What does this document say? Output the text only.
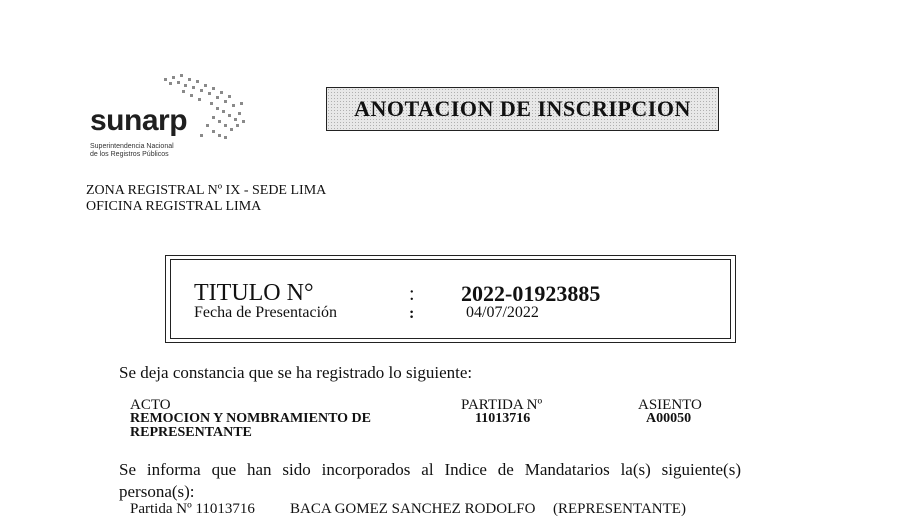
sunarp
Superintendencia Nacional
de los Registros Públicos
ANOTACION DE INSCRIPCION
ZONA REGISTRAL Nº IX - SEDE LIMA
OFICINA REGISTRAL LIMA
TITULO N°	: 2022-01923885
Fecha de Presentación	:	04/07/2022
Se deja constancia que se ha registrado lo siguiente:
ACTO	PARTIDA Nº	ASIENTO
REMOCION Y NOMBRAMIENTO DE
REPRESENTANTE
11013716	A00050
Se informa que han sido incorporados al Indice de Mandatarios la(s) siguiente(s)
persona(s):
Partida Nº 11013716 BACA GOMEZ SANCHEZ RODOLFO (REPRESENTANTE)
